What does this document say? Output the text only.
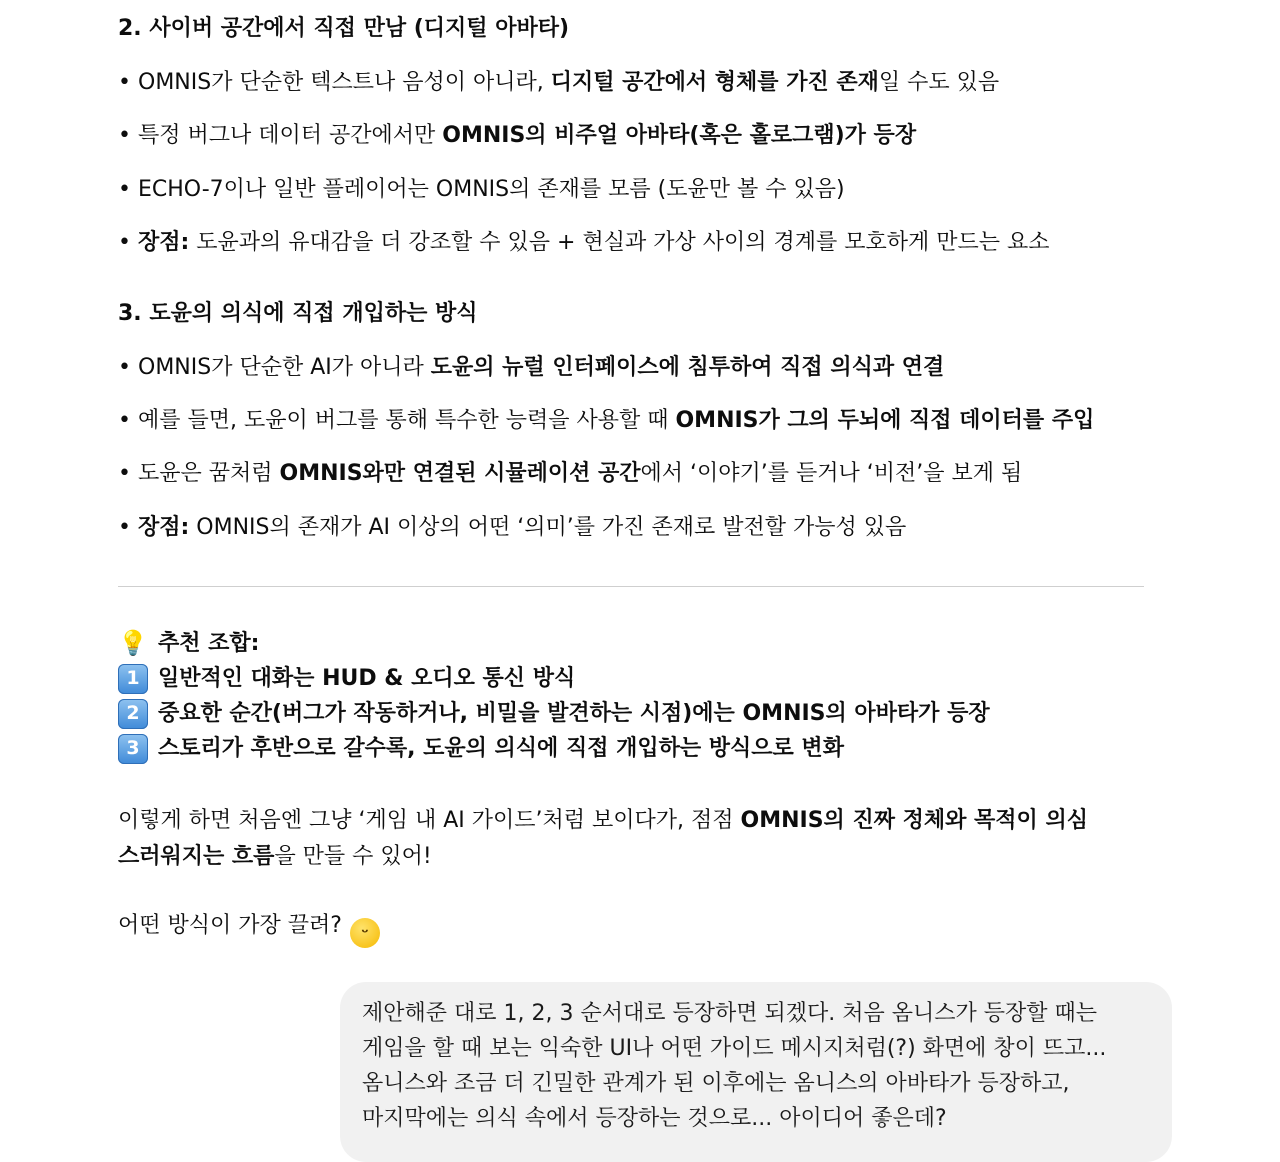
2. 사이버 공간에서 직접 만남 (디지털 아바타)

• OMNIS가 단순한 텍스트나 음성이 아니라, 디지털 공간에서 형체를 가진 존재일 수도 있음
• 특정 버그나 데이터 공간에서만 OMNIS의 비주얼 아바타(혹은 홀로그램)가 등장
• ECHO-7이나 일반 플레이어는 OMNIS의 존재를 모름 (도윤만 볼 수 있음)
• 장점: 도윤과의 유대감을 더 강조할 수 있음 + 현실과 가상 사이의 경계를 모호하게 만드는 요소

3. 도윤의 의식에 직접 개입하는 방식

• OMNIS가 단순한 AI가 아니라 도윤의 뉴럴 인터페이스에 침투하여 직접 의식과 연결
• 예를 들면, 도윤이 버그를 통해 특수한 능력을 사용할 때 OMNIS가 그의 두뇌에 직접 데이터를 주입
• 도윤은 꿈처럼 OMNIS와만 연결된 시뮬레이션 공간에서 ‘이야기’를 듣거나 ‘비전’을 보게 됨
• 장점: OMNIS의 존재가 AI 이상의 어떤 ‘의미’를 가진 존재로 발전할 가능성 있음
💡 추천 조합:
1 일반적인 대화는 HUD & 오디오 통신 방식
2 중요한 순간(버그가 작동하거나, 비밀을 발견하는 시점)에는 OMNIS의 아바타가 등장
3 스토리가 후반으로 갈수록, 도윤의 의식에 직접 개입하는 방식으로 변화
이렇게 하면 처음엔 그냥 ‘게임 내 AI 가이드’처럼 보이다가, 점점 OMNIS의 진짜 정체와 목적이 의심
스러워지는 흐름을 만들 수 있어!
어떤 방식이 가장 끌려? ᵕ
제안해준 대로 1, 2, 3 순서대로 등장하면 되겠다. 처음 옴니스가 등장할 때는
게임을 할 때 보는 익숙한 UI나 어떤 가이드 메시지처럼(?) 화면에 창이 뜨고...
옴니스와 조금 더 긴밀한 관계가 된 이후에는 옴니스의 아바타가 등장하고,
마지막에는 의식 속에서 등장하는 것으로... 아이디어 좋은데?
